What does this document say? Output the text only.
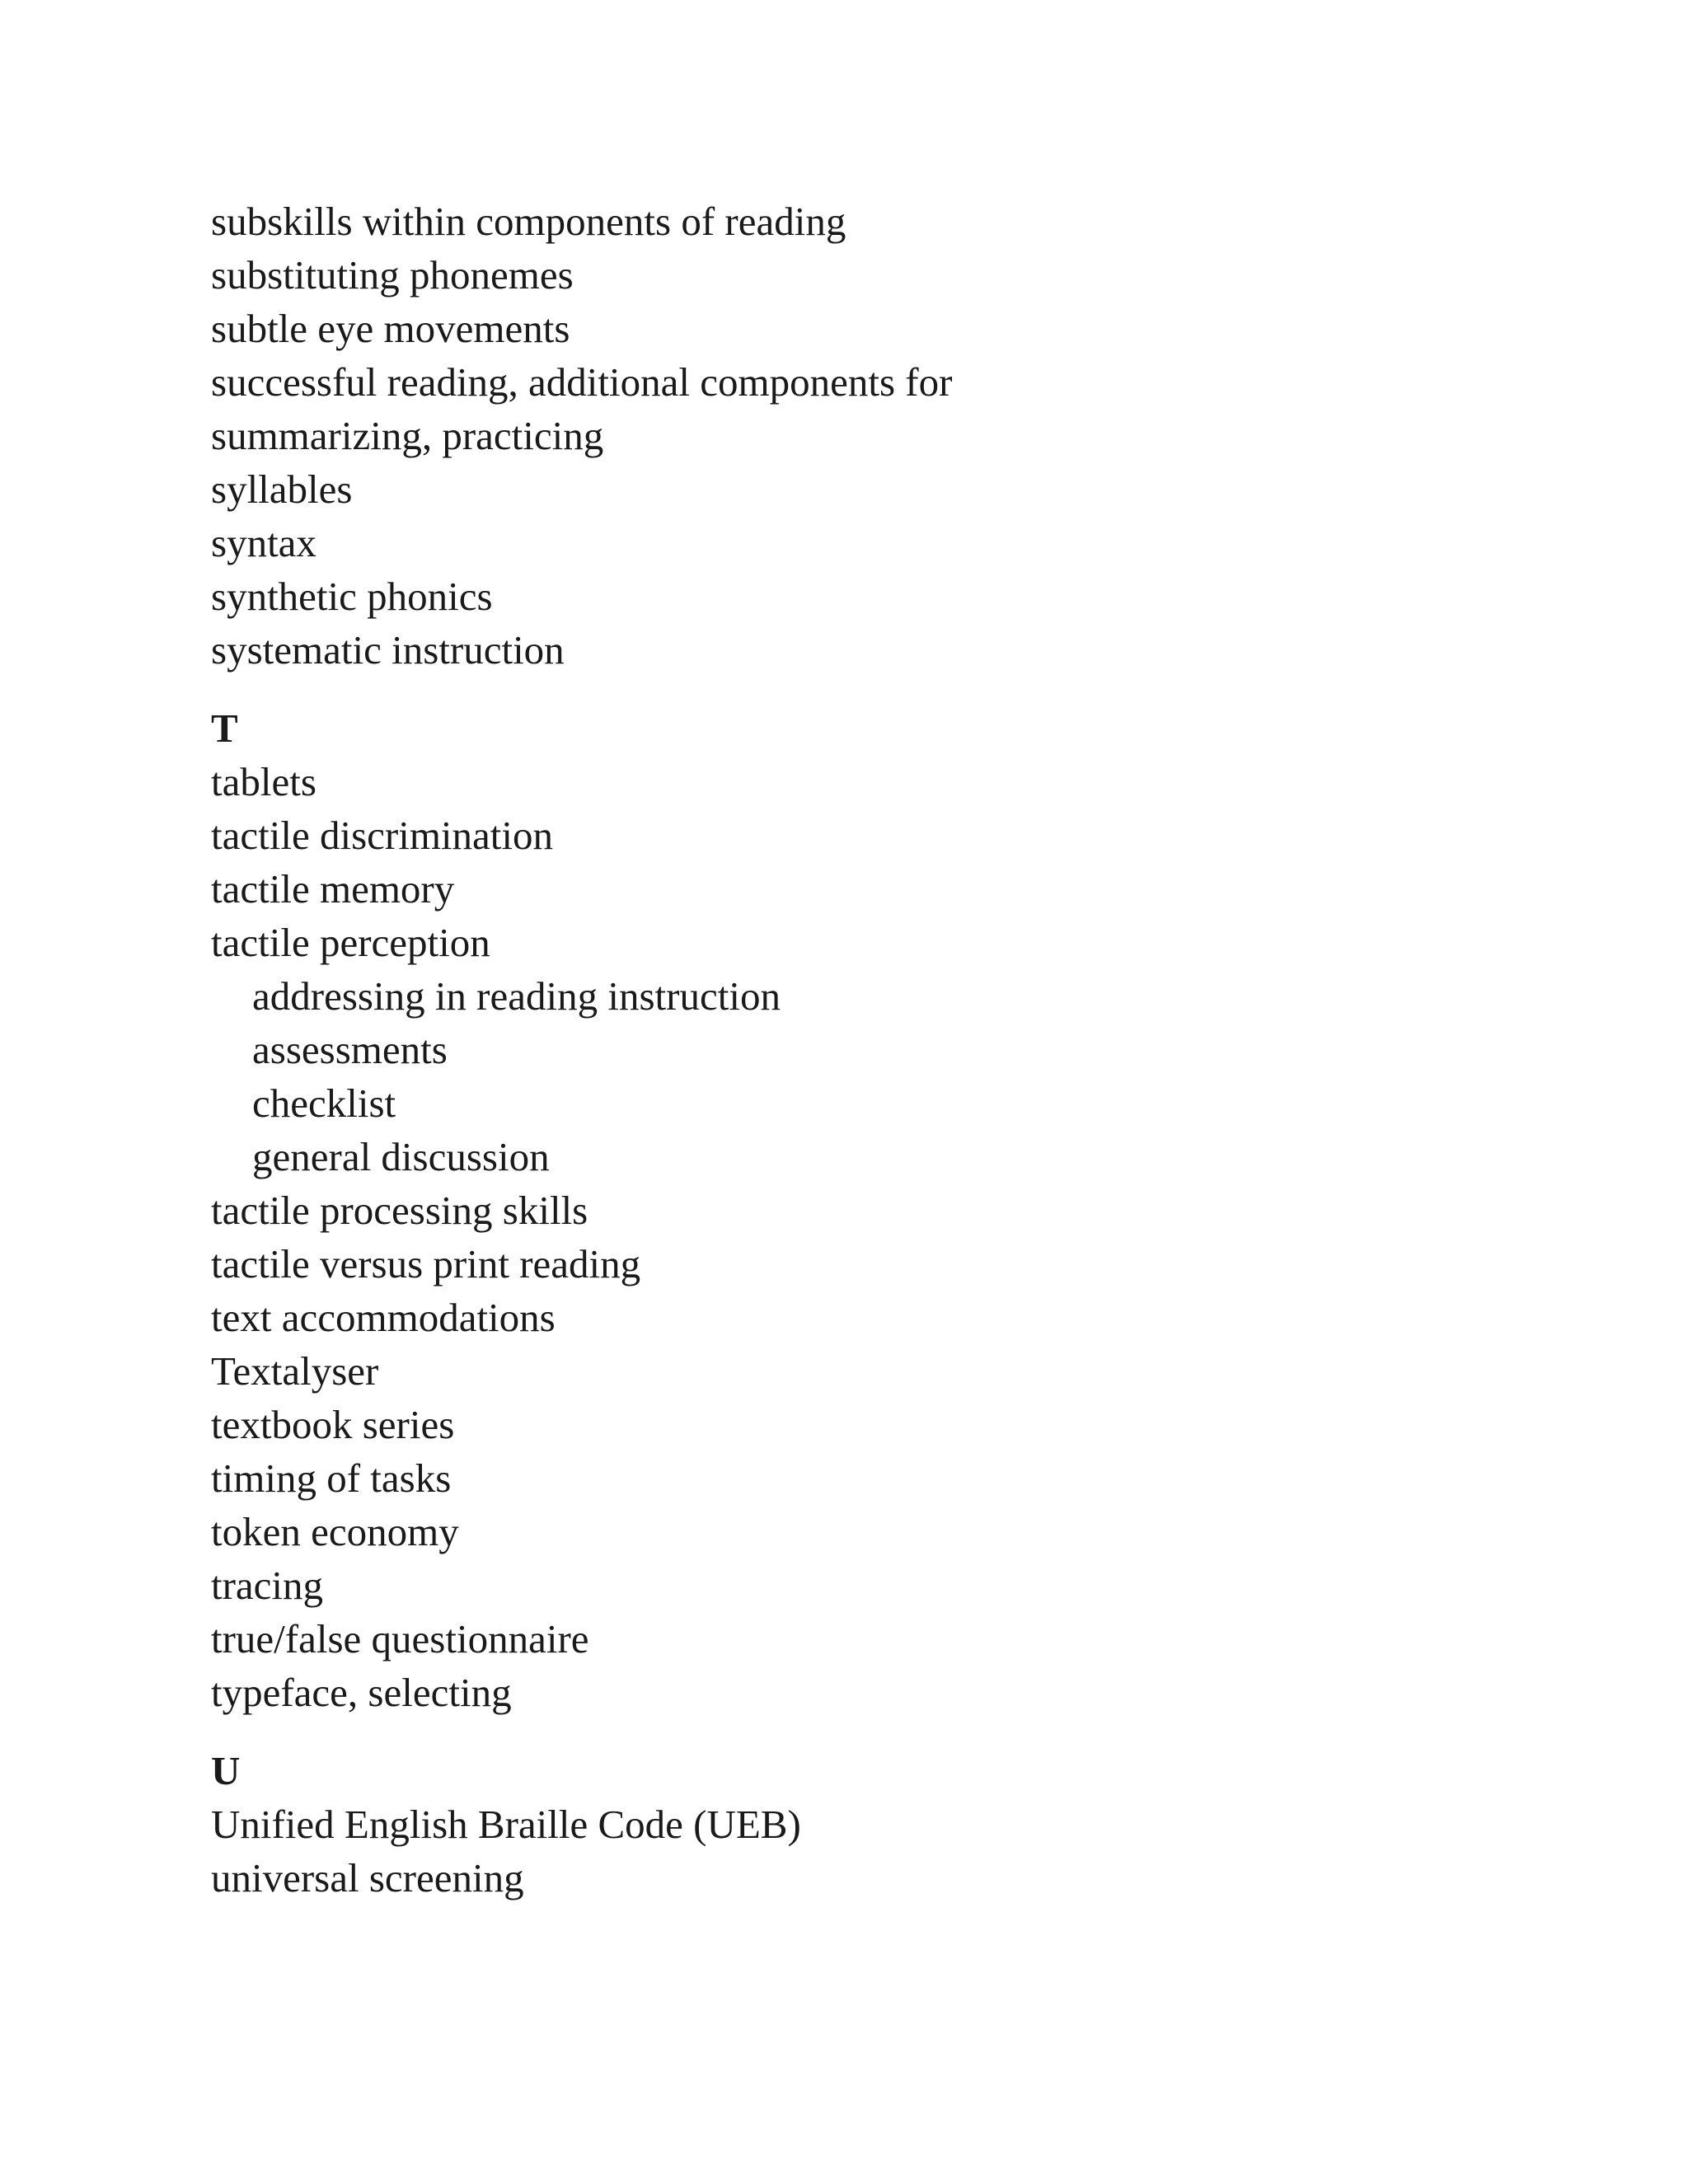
subskills within components of reading
substituting phonemes
subtle eye movements
successful reading, additional components for
summarizing, practicing
syllables
syntax
synthetic phonics
systematic instruction
T
tablets
tactile discrimination
tactile memory
tactile perception
addressing in reading instruction
assessments
checklist
general discussion
tactile processing skills
tactile versus print reading
text accommodations
Textalyser
textbook series
timing of tasks
token economy
tracing
true/false questionnaire
typeface, selecting
U
Unified English Braille Code (UEB)
universal screening
